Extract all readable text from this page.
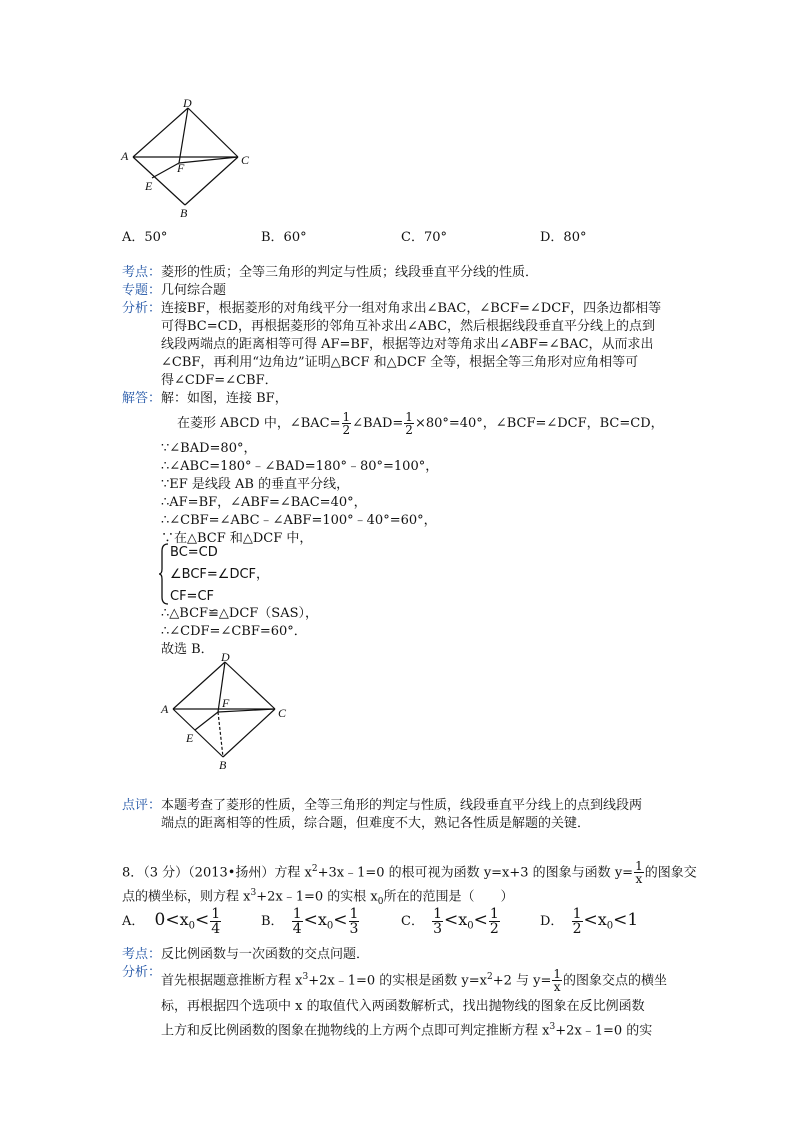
D
A	C
F
E
B
A．50°	B．60°	C．70°	D．80°
考点：菱形的性质；全等三角形的判定与性质；线段垂直平分线的性质．
专题：几何综合题
分析： 连接BF，根据菱形的对角线平分一组对角求出∠BAC，∠BCF=∠DCF，四条边都相等
可得BC=CD，再根据菱形的邻角互补求出∠ABC，然后根据线段垂直平分线上的点到
线段两端点的距离相等可得 AF=BF，根据等边对等角求出∠ABF=∠BAC，从而求出
∠CBF，再利用“边角边”证明△BCF 和△DCF 全等，根据全等三角形对应角相等可
得∠CDF=∠CBF．
解答： 解：如图，连接 BF，
在菱形 ABCD 中，∠BAC= $\frac{1}{2}$ ∠BAD= $\frac{1}{2} \times 80^\circ=40^\circ$，∠BCF=∠DCF，BC=CD，
∵∠BAD=80°，
∴∠ABC=180°﹣∠BAD=180°﹣80°=100°，
∵EF 是线段 AB 的垂直平分线，
∴AF=BF，∠ABF=∠BAC=40°，
∴∠CBF=∠ABC﹣∠ABF=100°﹣40°=60°，
∵在△BCF 和△DCF 中，
BC=CD
∠BCF=∠DCF，
CF=CF
∴△BCF≌△DCF（SAS），
∴∠CDF=∠CBF=60°．
故选 B． D
A	C
F
E
B
点评： 本题考查了菱形的性质，全等三角形的判定与性质，线段垂直平分线上的点到线段两
端点的距离相等的性质，综合题，但难度不大，熟记各性质是解题的关键．
8．（3 分）（2013•扬州）方程 $x^2+3x﹣1=0$ 的根可视为函数 y=x+3 的图象与函数 $y= \frac{1}{x}$ 的图象交
点的横坐标，则方程 $x^3+2x﹣1=0$ 的实根 $x_0$所在的范围是（　　）
A． $0<x_0< \frac{1}{4}$	B． $\frac{1}{4} <x_0< \frac{1}{3}$	C． $\frac{1}{3} <x_0< \frac{1}{2}$	D． $\frac{1}{2} <x_0<1$
考点：反比例函数与一次函数的交点问题．
分析：
首先根据题意推断方程 $x^3+2x﹣1=0$ 的实根是函数 $y=x^2+2$ 与 $y= \frac{1}{x}$ 的图象交点的横坐
标，再根据四个选项中 x 的取值代入两函数解析式，找出抛物线的图象在反比例函数
上方和反比例函数的图象在抛物线的上方两个点即可判定推断方程 $x^3+2x﹣1=0$ 的实
